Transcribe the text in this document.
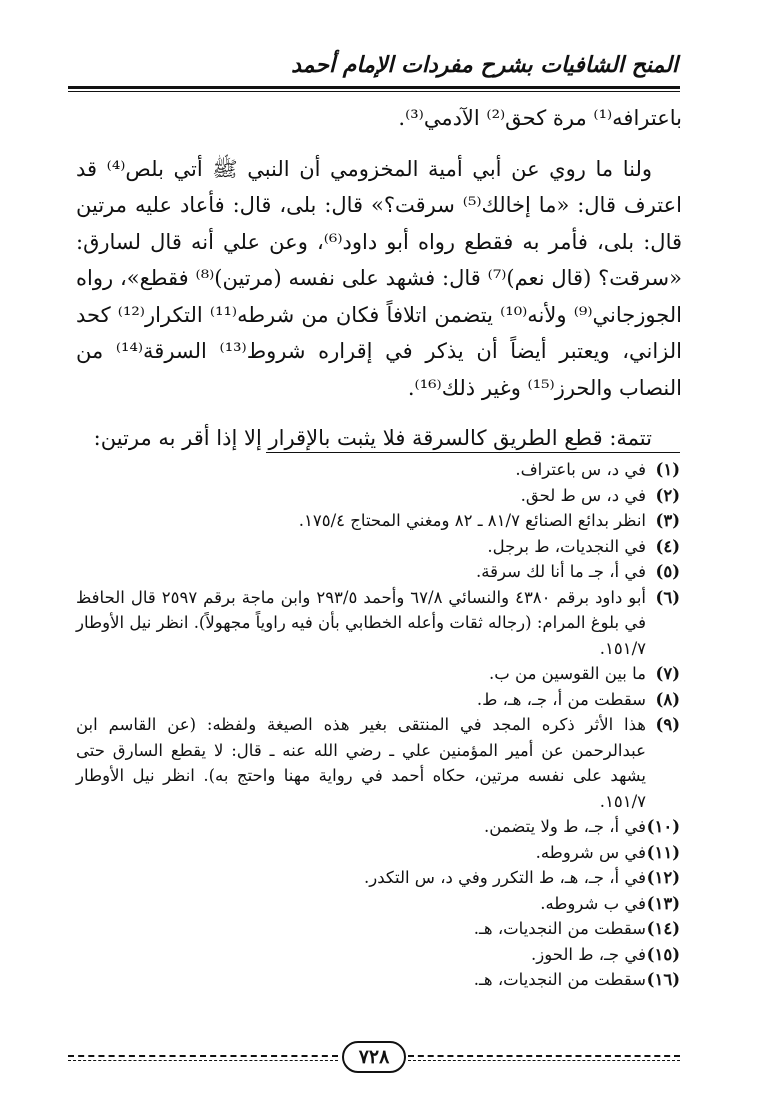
المنح الشافيات بشرح مفردات الإمام أحمد

باعترافه⁽¹⁾ مرة كحق⁽²⁾ الآدمي⁽³⁾.

ولنا ما روي عن أبي أمية المخزومي أن النبي ﷺ أتي بلص⁽⁴⁾ قد اعترف قال: «ما إخالك⁽⁵⁾ سرقت؟» قال: بلى، قال: فأعاد عليه مرتين قال: بلى، فأمر به فقطع رواه أبو داود⁽⁶⁾، وعن علي أنه قال لسارق: «سرقت؟ (قال نعم)⁽⁷⁾ قال: فشهد على نفسه (مرتين)⁽⁸⁾ فقطع»، رواه الجوزجاني⁽⁹⁾ ولأنه⁽¹⁰⁾ يتضمن اتلافاً فكان من شرطه⁽¹¹⁾ التكرار⁽¹²⁾ كحد الزاني، ويعتبر أيضاً أن يذكر في إقراره شروط⁽¹³⁾ السرقة⁽¹⁴⁾ من النصاب والحرز⁽¹⁵⁾ وغير ذلك⁽¹⁶⁾.

تتمة: قطع الطريق كالسرقة فلا يثبت بالإقرار إلا إذا أقر به مرتين:

(١)
في د، س باعتراف.
(٢)
في د، س ط لحق.
(٣)
انظر بدائع الصنائع ٨١/٧ ـ ٨٢ ومغني المحتاج ١٧٥/٤.
(٤)
في النجديات، ط برجل.
(٥)
في أ، جـ ما أنا لك سرقة.
(٦)
أبو داود برقم ٤٣٨٠ والنسائي ٦٧/٨ وأحمد ٢٩٣/٥ وابن ماجة برقم ٢٥٩٧ قال الحافظ في بلوغ المرام: (رجاله ثقات وأعله الخطابي بأن فيه راوياً مجهولاً). انظر نيل الأوطار ١٥١/٧.
(٧)
ما بين القوسين من ب.
(٨)
سقطت من أ، جـ، هـ، ط.
(٩)
هذا الأثر ذكره المجد في المنتقى بغير هذه الصيغة ولفظه: (عن القاسم ابن عبدالرحمن عن أمير المؤمنين علي ـ رضي الله عنه ـ قال: لا يقطع السارق حتى يشهد على نفسه مرتين، حكاه أحمد في رواية مهنا واحتج به). انظر نيل الأوطار ١٥١/٧.
(١٠)
في أ، جـ، ط ولا يتضمن.
(١١)
في س شروطه.
(١٢)
في أ، جـ، هـ، ط التكرر وفي د، س التكدر.
(١٣)
في ب شروطه.
(١٤)
سقطت من النجديات، هـ.
(١٥)
في جـ، ط الحوز.
(١٦)
سقطت من النجديات، هـ.
٧٢٨
